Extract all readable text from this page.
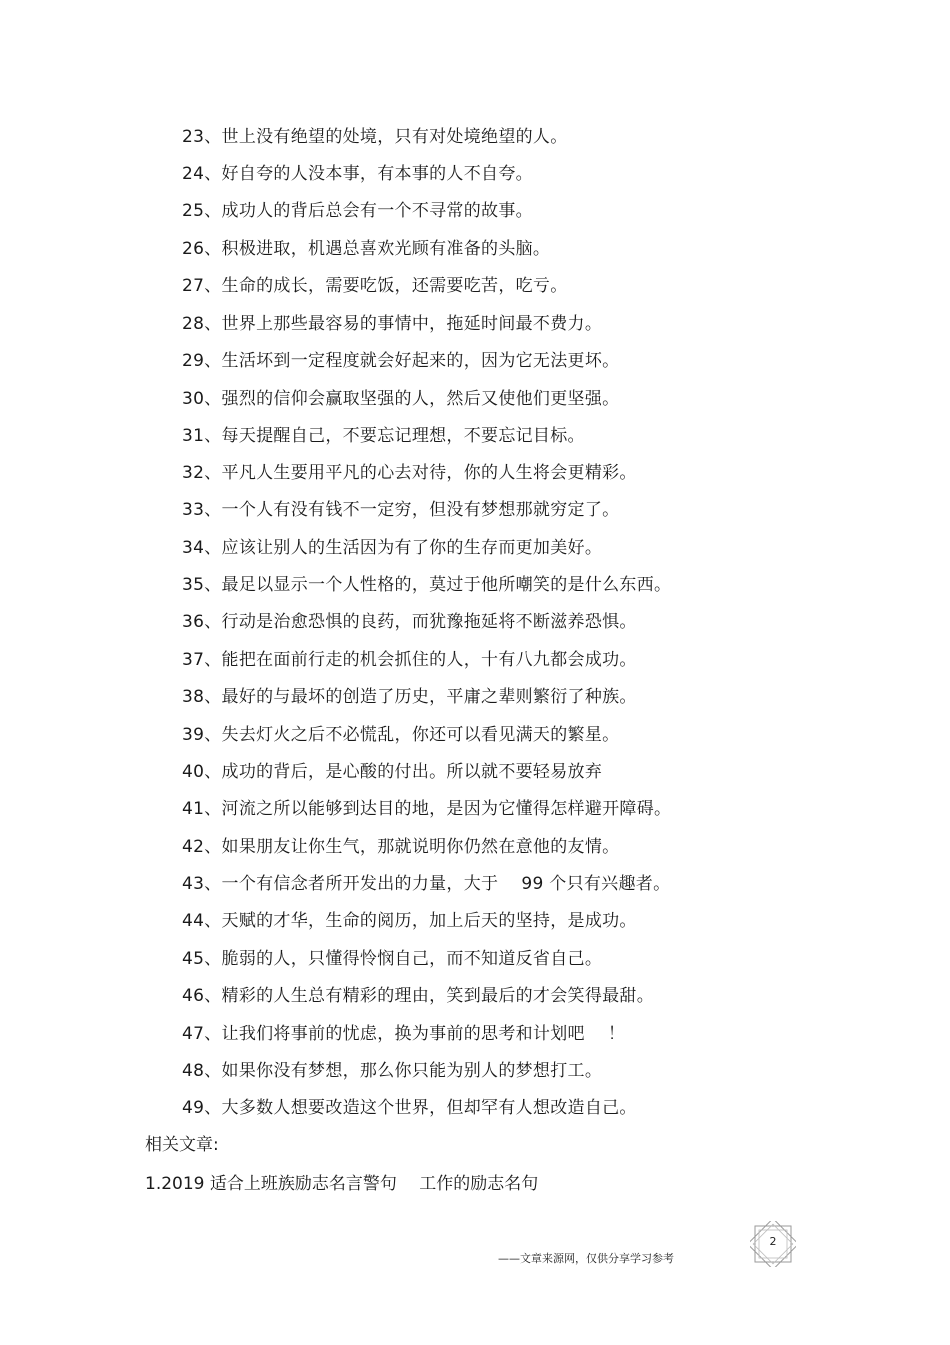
23、世上没有绝望的处境，只有对处境绝望的人。
24、好自夸的人没本事，有本事的人不自夸。
25、成功人的背后总会有一个不寻常的故事。
26、积极进取，机遇总喜欢光顾有准备的头脑。
27、生命的成长，需要吃饭，还需要吃苦，吃亏。
28、世界上那些最容易的事情中，拖延时间最不费力。
29、生活坏到一定程度就会好起来的，因为它无法更坏。
30、强烈的信仰会赢取坚强的人，然后又使他们更坚强。
31、每天提醒自己，不要忘记理想，不要忘记目标。
32、平凡人生要用平凡的心去对待，你的人生将会更精彩。
33、一个人有没有钱不一定穷，但没有梦想那就穷定了。
34、应该让别人的生活因为有了你的生存而更加美好。
35、最足以显示一个人性格的，莫过于他所嘲笑的是什么东西。
36、行动是治愈恐惧的良药，而犹豫拖延将不断滋养恐惧。
37、能把在面前行走的机会抓住的人，十有八九都会成功。
38、最好的与最坏的创造了历史，平庸之辈则繁衍了种族。
39、失去灯火之后不必慌乱，你还可以看见满天的繁星。
40、成功的背后，是心酸的付出。所以就不要轻易放弃
41、河流之所以能够到达目的地，是因为它懂得怎样避开障碍。
42、如果朋友让你生气，那就说明你仍然在意他的友情。
43、一个有信念者所开发出的力量，大于　 99 个只有兴趣者。
44、天赋的才华，生命的阅历，加上后天的坚持，是成功。
45、脆弱的人，只懂得怜悯自己，而不知道反省自己。
46、精彩的人生总有精彩的理由，笑到最后的才会笑得最甜。
47、让我们将事前的忧虑，换为事前的思考和计划吧　 ！
48、如果你没有梦想，那么你只能为别人的梦想打工。
49、大多数人想要改造这个世界，但却罕有人想改造自己。
相关文章:
1.2019 适合上班族励志名言警句　 工作的励志名句
——文章来源网，仅供分享学习参考
2
